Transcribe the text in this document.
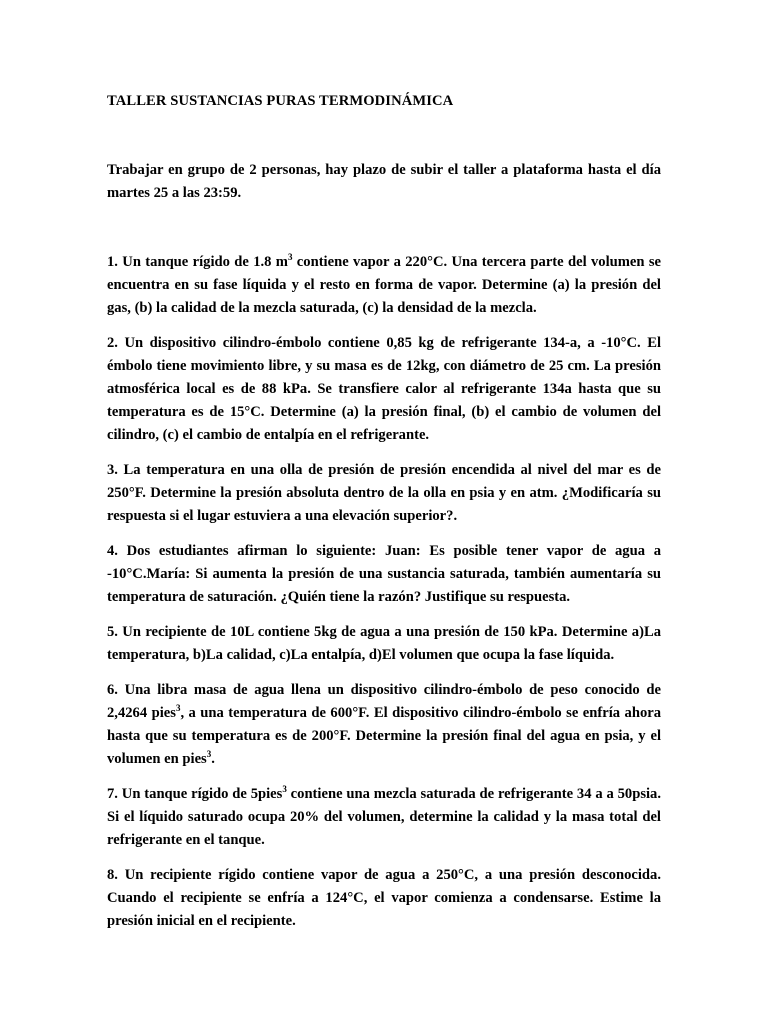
TALLER SUSTANCIAS PURAS TERMODINÁMICA

Trabajar en grupo de 2 personas, hay plazo de subir el taller a plataforma hasta el día martes 25 a las 23:59.

1. Un tanque rígido de 1.8 $m^3$ contiene vapor a 220°C. Una tercera parte del volumen se encuentra en su fase líquida y el resto en forma de vapor. Determine (a) la presión del gas, (b) la calidad de la mezcla saturada, (c) la densidad de la mezcla.

2. Un dispositivo cilindro-émbolo contiene 0,85 kg de refrigerante 134-a, a -10°C. El émbolo tiene movimiento libre, y su masa es de 12kg, con diámetro de 25 cm. La presión atmosférica local es de 88 kPa. Se transfiere calor al refrigerante 134a hasta que su temperatura es de 15°C. Determine (a) la presión final, (b) el cambio de volumen del cilindro, (c) el cambio de entalpía en el refrigerante.

3. La temperatura en una olla de presión de presión encendida al nivel del mar es de 250°F. Determine la presión absoluta dentro de la olla en psia y en atm. ¿Modificaría su respuesta si el lugar estuviera a una elevación superior?.

4. Dos estudiantes afirman lo siguiente: Juan: Es posible tener vapor de agua a -10°C.María: Si aumenta la presión de una sustancia saturada, también aumentaría su temperatura de saturación. ¿Quién tiene la razón? Justifique su respuesta.

5. Un recipiente de 10L contiene 5kg de agua a una presión de 150 kPa. Determine a)La temperatura, b)La calidad, c)La entalpía, d)El volumen que ocupa la fase líquida.

6. Una libra masa de agua llena un dispositivo cilindro-émbolo de peso conocido de 2,4264 pies$^3$, a una temperatura de 600°F. El dispositivo cilindro-émbolo se enfría ahora hasta que su temperatura es de 200°F. Determine la presión final del agua en psia, y el volumen en pies$^3$.

7. Un tanque rígido de 5pies$^3$ contiene una mezcla saturada de refrigerante 34 a a 50psia. Si el líquido saturado ocupa 20% del volumen, determine la calidad y la masa total del refrigerante en el tanque.

8. Un recipiente rígido contiene vapor de agua a 250°C, a una presión desconocida. Cuando el recipiente se enfría a 124°C, el vapor comienza a condensarse. Estime la presión inicial en el recipiente.
